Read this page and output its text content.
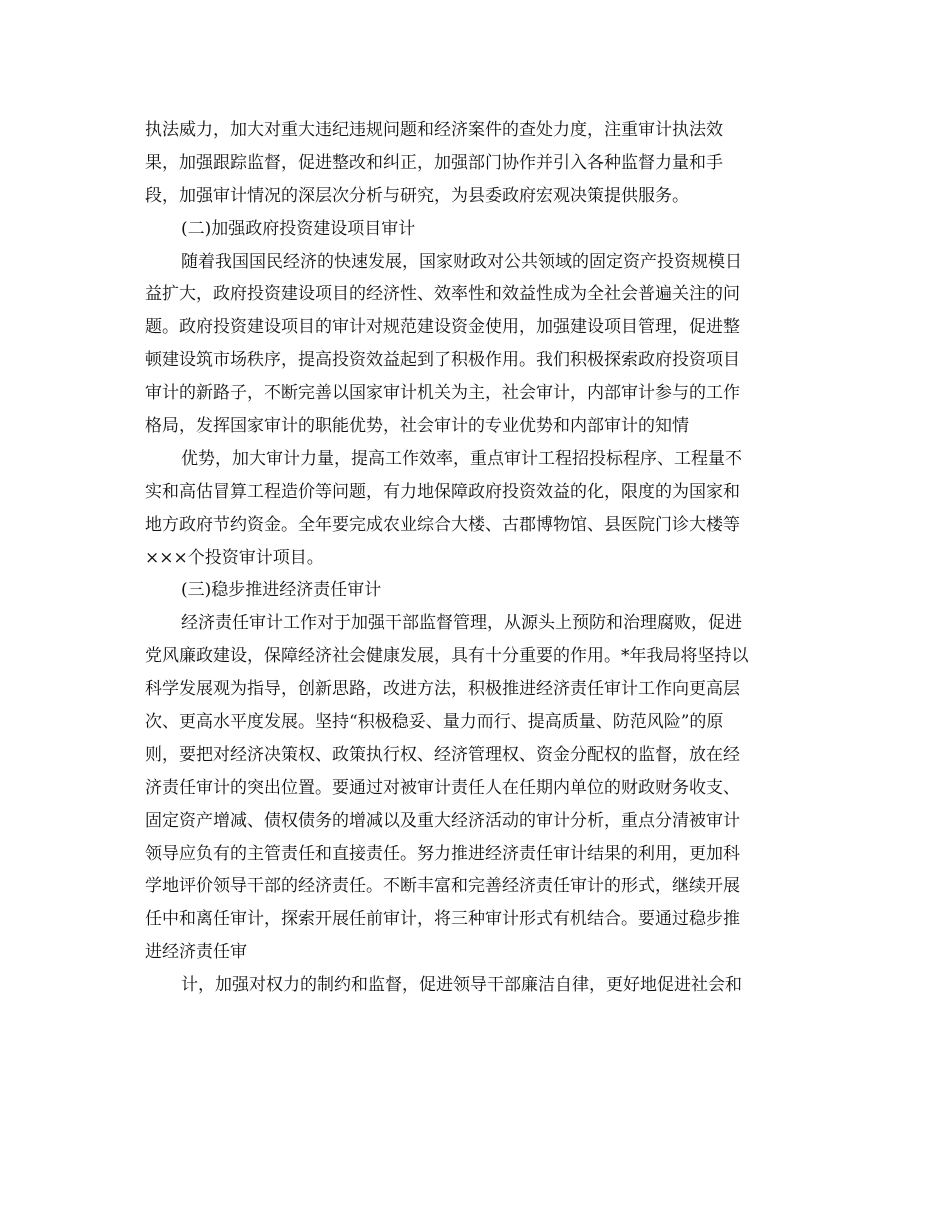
执法威力，加大对重大违纪违规问题和经济案件的查处力度，注重审计执法效

果，加强跟踪监督，促进整改和纠正，加强部门协作并引入各种监督力量和手

段，加强审计情况的深层次分析与研究，为县委政府宏观决策提供服务。

(二)加强政府投资建设项目审计

随着我国国民经济的快速发展，国家财政对公共领域的固定资产投资规模日

益扩大，政府投资建设项目的经济性、效率性和效益性成为全社会普遍关注的问

题。政府投资建设项目的审计对规范建设资金使用，加强建设项目管理，促进整

顿建设筑市场秩序，提高投资效益起到了积极作用。我们积极探索政府投资项目

审计的新路子，不断完善以国家审计机关为主，社会审计，内部审计参与的工作

格局，发挥国家审计的职能优势，社会审计的专业优势和内部审计的知情

优势，加大审计力量，提高工作效率，重点审计工程招投标程序、工程量不

实和高估冒算工程造价等问题，有力地保障政府投资效益的化，限度的为国家和

地方政府节约资金。全年要完成农业综合大楼、古郡博物馆、县医院门诊大楼等

×××个投资审计项目。

(三)稳步推进经济责任审计

经济责任审计工作对于加强干部监督管理，从源头上预防和治理腐败，促进

党风廉政建设，保障经济社会健康发展，具有十分重要的作用。*年我局将坚持以

科学发展观为指导，创新思路，改进方法，积极推进经济责任审计工作向更高层

次、更高水平度发展。坚持“积极稳妥、量力而行、提高质量、防范风险”的原

则，要把对经济决策权、政策执行权、经济管理权、资金分配权的监督，放在经

济责任审计的突出位置。要通过对被审计责任人在任期内单位的财政财务收支、

固定资产增减、债权债务的增减以及重大经济活动的审计分析，重点分清被审计

领导应负有的主管责任和直接责任。努力推进经济责任审计结果的利用，更加科

学地评价领导干部的经济责任。不断丰富和完善经济责任审计的形式，继续开展

任中和离任审计，探索开展任前审计，将三种审计形式有机结合。要通过稳步推

进经济责任审

计，加强对权力的制约和监督，促进领导干部廉洁自律，更好地促进社会和
